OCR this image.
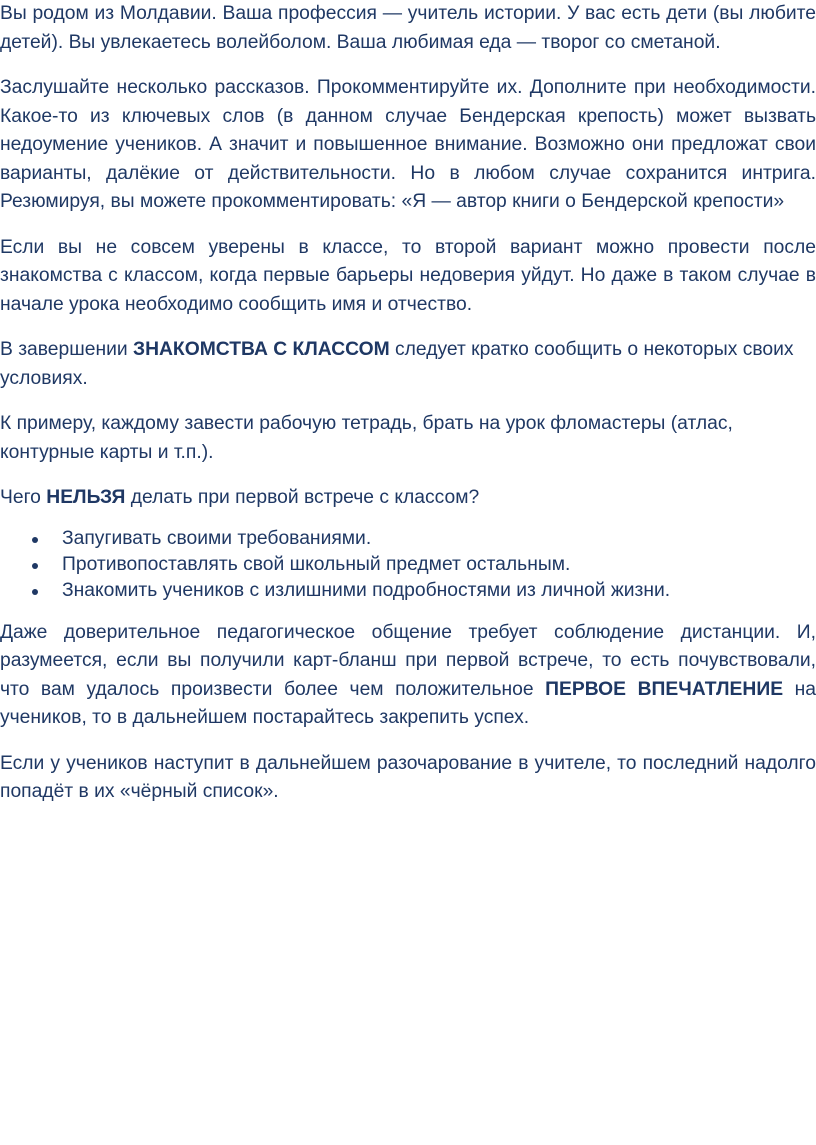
Вы родом из Молдавии. Ваша профессия — учитель истории. У вас есть дети (вы любите детей). Вы увлекаетесь волейболом. Ваша любимая еда — творог со сметаной.

Заслушайте несколько рассказов. Прокомментируйте их. Дополните при необходимости. Какое-то из ключевых слов (в данном случае Бендерская крепость) может вызвать недоумение учеников. А значит и повышенное внимание. Возможно они предложат свои варианты, далёкие от действительности. Но в любом случае сохранится интрига. Резюмируя, вы можете прокомментировать: «Я — автор книги о Бендерской крепости»

Если вы не совсем уверены в классе, то второй вариант можно провести после знакомства с классом, когда первые барьеры недоверия уйдут. Но даже в таком случае в начале урока необходимо сообщить имя и отчество.

В завершении ЗНАКОМСТВА С КЛАССОМ следует кратко сообщить о некоторых своих условиях.

К примеру, каждому завести рабочую тетрадь, брать на урок фломастеры (атлас, контурные карты и т.п.).

Чего НЕЛЬЗЯ делать при первой встрече с классом?

Запугивать своими требованиями.
Противопоставлять свой школьный предмет остальным.
Знакомить учеников с излишними подробностями из личной жизни.

Даже доверительное педагогическое общение требует соблюдение дистанции. И, разумеется, если вы получили карт-бланш при первой встрече, то есть почувствовали, что вам удалось произвести более чем положительное ПЕРВОЕ ВПЕЧАТЛЕНИЕ на учеников, то в дальнейшем постарайтесь закрепить успех.

Если у учеников наступит в дальнейшем разочарование в учителе, то последний надолго попадёт в их «чёрный список».
